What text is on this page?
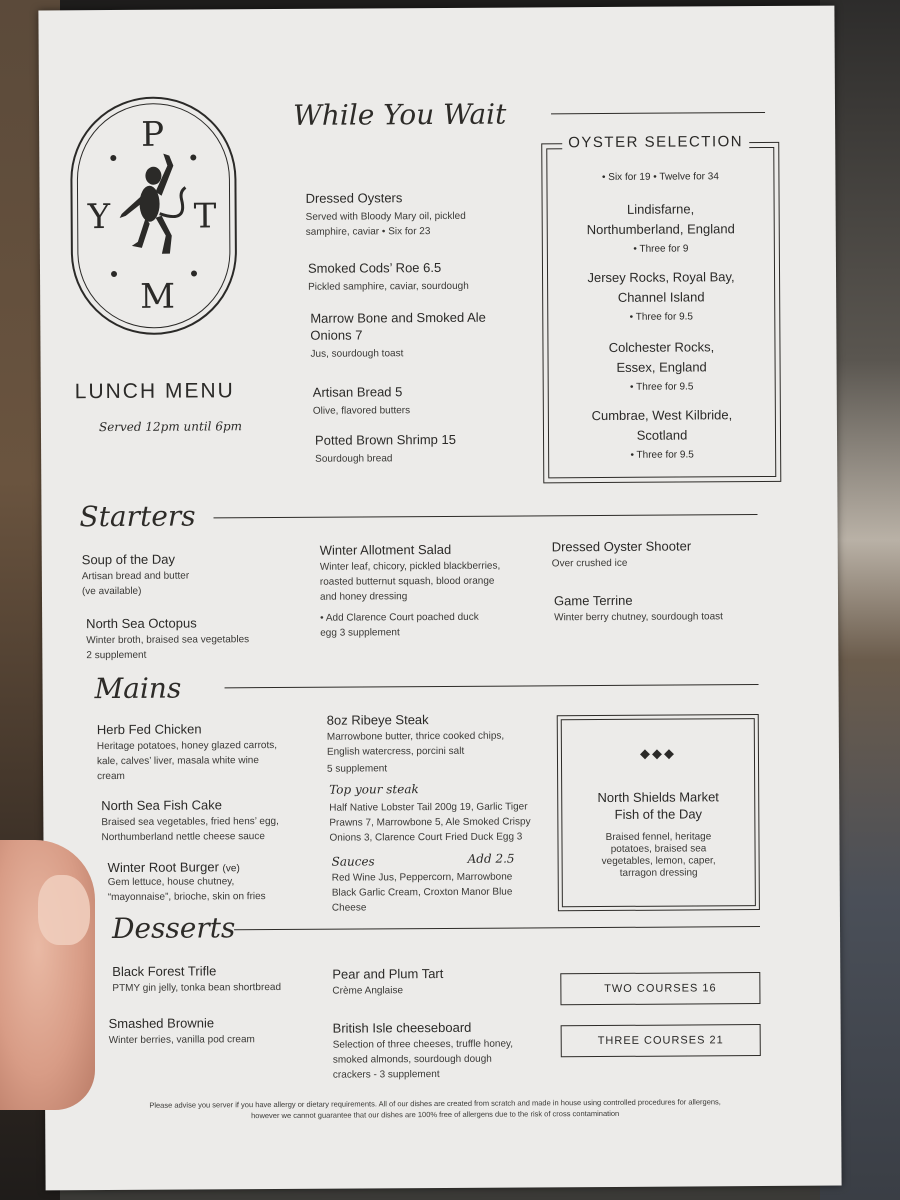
P
Y T
M
LUNCH MENU
Served 12pm until 6pm
While You Wait
Dressed Oysters
Served with Bloody Mary oil, pickled
samphire, caviar • Six for 23
Smoked Cods’ Roe 6.5
Pickled samphire, caviar, sourdough
Marrow Bone and Smoked Ale
Onions 7
Jus, sourdough toast
Artisan Bread 5
Olive, flavored butters
Potted Brown Shrimp 15
Sourdough bread
OYSTER SELECTION
• Six for 19 • Twelve for 34
Lindisfarne,
Northumberland, England
• Three for 9
Jersey Rocks, Royal Bay,
Channel Island
• Three for 9.5
Colchester Rocks,
Essex, England
• Three for 9.5
Cumbrae, West Kilbride,
Scotland
• Three for 9.5
Starters
Soup of the Day
Artisan bread and butter
(ve available)
North Sea Octopus
Winter broth, braised sea vegetables
2 supplement
Winter Allotment Salad
Winter leaf, chicory, pickled blackberries,
roasted butternut squash, blood orange
and honey dressing
• Add Clarence Court poached duck
egg 3 supplement
Dressed Oyster Shooter
Over crushed ice
Game Terrine
Winter berry chutney, sourdough toast
Mains
Herb Fed Chicken
Heritage potatoes, honey glazed carrots,
kale, calves’ liver, masala white wine
cream
North Sea Fish Cake
Braised sea vegetables, fried hens’ egg,
Northumberland nettle cheese sauce
Winter Root Burger (ve)
Gem lettuce, house chutney,
“mayonnaise”, brioche, skin on fries
8oz Ribeye Steak
Marrowbone butter, thrice cooked chips,
English watercress, porcini salt
5 supplement
Top your steak
Half Native Lobster Tail 200g 19, Garlic Tiger
Prawns 7, Marrowbone 5, Ale Smoked Crispy
Onions 3, Clarence Court Fried Duck Egg 3
Sauces	Add 2.5
Red Wine Jus, Peppercorn, Marrowbone
Black Garlic Cream, Croxton Manor Blue
Cheese
◆◆◆
North Shields Market
Fish of the Day
Braised fennel, heritage
potatoes, braised sea
vegetables, lemon, caper,
tarragon dressing
Desserts
Black Forest Trifle
PTMY gin jelly, tonka bean shortbread
Smashed Brownie
Winter berries, vanilla pod cream
Pear and Plum Tart
Crème Anglaise
British Isle cheeseboard
Selection of three cheeses, truffle honey,
smoked almonds, sourdough dough
crackers - 3 supplement
TWO COURSES 16
THREE COURSES 21
Please advise you server if you have allergy or dietary requirements. All of our dishes are created from scratch and made in house using controlled procedures for allergens,
however we cannot guarantee that our dishes are 100% free of allergens due to the risk of cross contamination
